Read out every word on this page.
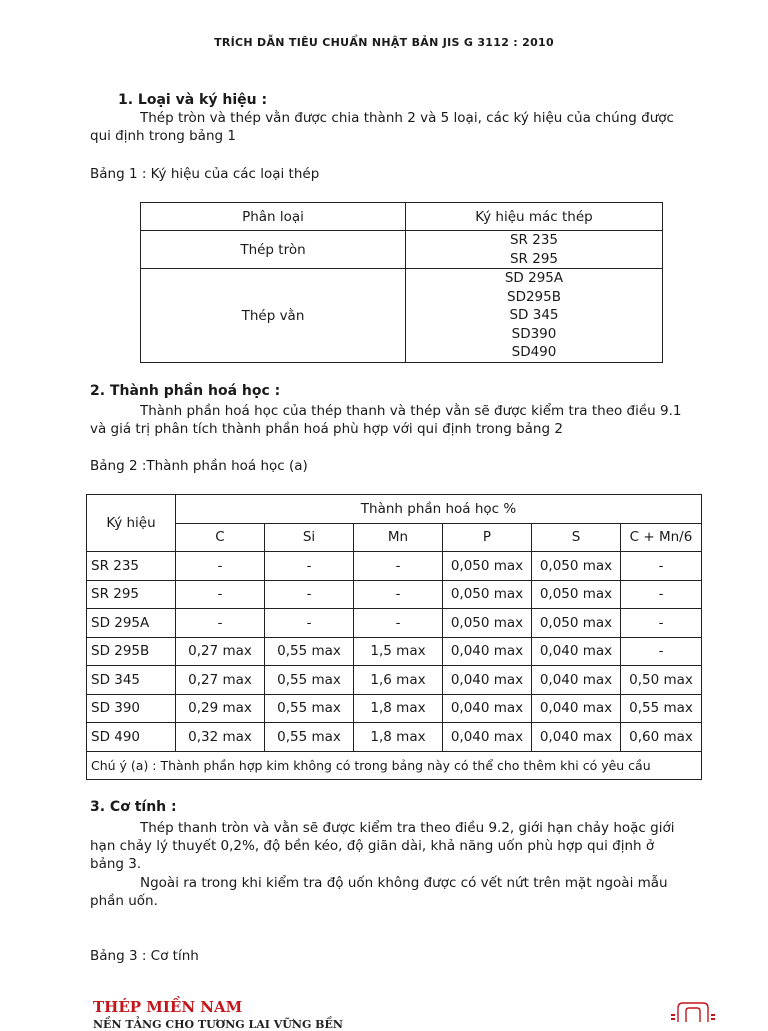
TRÍCH DẪN TIÊU CHUẨN NHẬT BẢN JIS G 3112 : 2010
1. Loại và ký hiệu :
Thép tròn và thép vằn được chia thành 2 và 5 loại, các ký hiệu của chúng được
qui định trong bảng 1
Bảng 1 : Ký hiệu của các loại thép
Phân loại	Ký hiệu mác thép
Thép tròn	SR 235
SR 295

Thép vằn	SD 295A
SD295B
SD 345
SD390
SD490
2. Thành phần hoá học :
Thành phần hoá học của thép thanh và thép vằn sẽ được kiểm tra theo điều 9.1
và giá trị phân tích thành phần hoá phù hợp với qui định trong bảng 2
Bảng 2 :Thành phần hoá học (a)
Ký hiệu	Thành phần hoá học %					
	C	Si	Mn	P	S	C + Mn/6
SR 235	-	-	-	0,050 max	0,050 max	-
SR 295	-	-	-	0,050 max	0,050 max	-
SD 295A	-	-	-	0,050 max	0,050 max	-
SD 295B	0,27 max	0,55 max	1,5 max	0,040 max	0,040 max	-
SD 345	0,27 max	0,55 max	1,6 max	0,040 max	0,040 max	0,50 max
SD 390	0,29 max	0,55 max	1,8 max	0,040 max	0,040 max	0,55 max
SD 490	0,32 max	0,55 max	1,8 max	0,040 max	0,040 max	0,60 max
Chú ý (a) : Thành phần hợp kim không có trong bảng này có thể cho thêm khi có yêu cầu						
3. Cơ tính :
Thép thanh tròn và vằn sẽ được kiểm tra theo điều 9.2, giới hạn chảy hoặc giới
hạn chảy lý thuyết 0,2%, độ bền kéo, độ giãn dài, khả năng uốn phù hợp qui định ở
bảng 3.
Ngoài ra trong khi kiểm tra độ uốn không được có vết nứt trên mặt ngoài mẫu
phần uốn.
Bảng 3 : Cơ tính
THÉP MIỀN NAM
NỀN TẢNG CHO TƯƠNG LAI VỮNG BỀN
